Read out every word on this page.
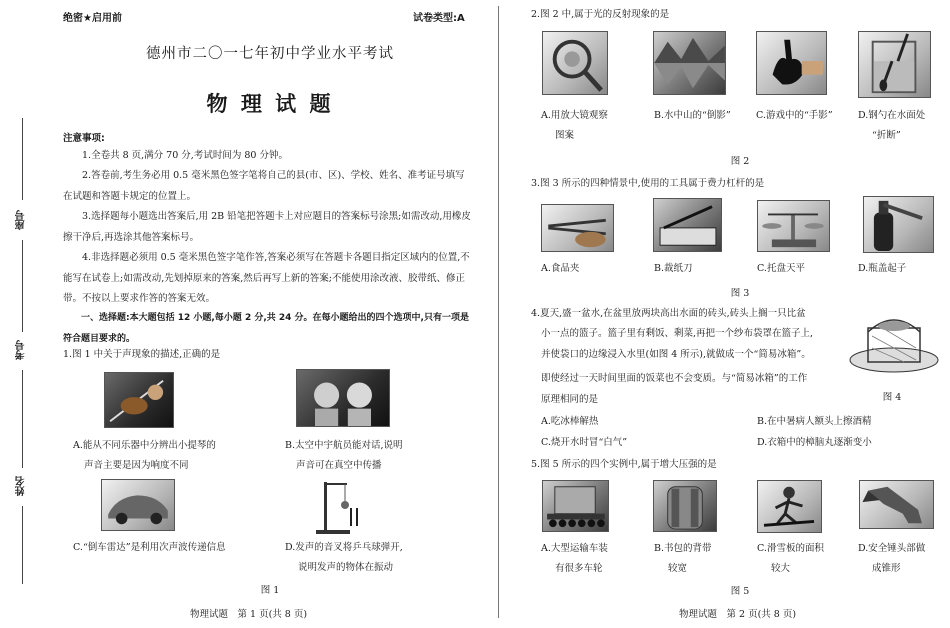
绝密★启用前	试卷类型:A
德州市二〇一七年初中学业水平考试
物 理 试 题
座号
考号
姓名
注意事项:
1.全卷共 8 页,满分 70 分,考试时间为 80 分钟。
2.答卷前,考生务必用 0.5 毫米黑色签字笔将自己的县(市、区)、学校、姓名、准考证号填写在试题和答题卡规定的位置上。
3.选择题每小题选出答案后,用 2B 铅笔把答题卡上对应题目的答案标号涂黑;如需改动,用橡皮擦干净后,再选涂其他答案标号。
4.非选择题必须用 0.5 毫米黑色签字笔作答,答案必须写在答题卡各题目指定区域内的位置,不能写在试卷上;如需改动,先划掉原来的答案,然后再写上新的答案;不能使用涂改液、胶带纸、修正带。不按以上要求作答的答案无效。
一、选择题:本大题包括 12 小题,每小题 2 分,共 24 分。在每小题给出的四个选项中,只有一项是符合题目要求的。
1.图 1 中关于声现象的描述,正确的是
A.能从不同乐器中分辨出小提琴的
声音主要是因为响度不同
B.太空中宇航员能对话,说明
声音可在真空中传播
C.“倒车雷达”是利用次声波传递信息	D.发声的音叉将乒乓球弹开,
说明发声的物体在振动
图 1
物理试题　第 1 页(共 8 页)
2.图 2 中,属于光的反射现象的是
A.用放大镜观察
图案
B.水中山的“倒影”	C.游戏中的“手影”	D.钢勺在水面处
“折断”
图 2
3.图 3 所示的四种情景中,使用的工具属于费力杠杆的是
A.食品夹	B.裁纸刀	C.托盘天平	D.瓶盖起子
图 3
4.夏天,盛一盆水,在盆里放两块高出水面的砖头,砖头上搁一只比盆
小一点的篮子。篮子里有剩饭、剩菜,再把一个纱布袋罩在篮子上,
并使袋口的边缘浸入水里(如图 4 所示),就做成一个“简易冰箱”。
即使经过一天时间里面的饭菜也不会变质。与“简易冰箱”的工作
原理相同的是	图 4
A.吃冰棒解热	B.在中暑病人额头上擦酒精
C.烧开水时冒“白气”	D.衣箱中的樟脑丸逐渐变小
5.图 5 所示的四个实例中,属于增大压强的是
A.大型运输车装
有很多车轮
B.书包的背带
较宽
C.滑雪板的面积
较大
D.安全锤头部做
成锥形
图 5
物理试题　第 2 页(共 8 页)
